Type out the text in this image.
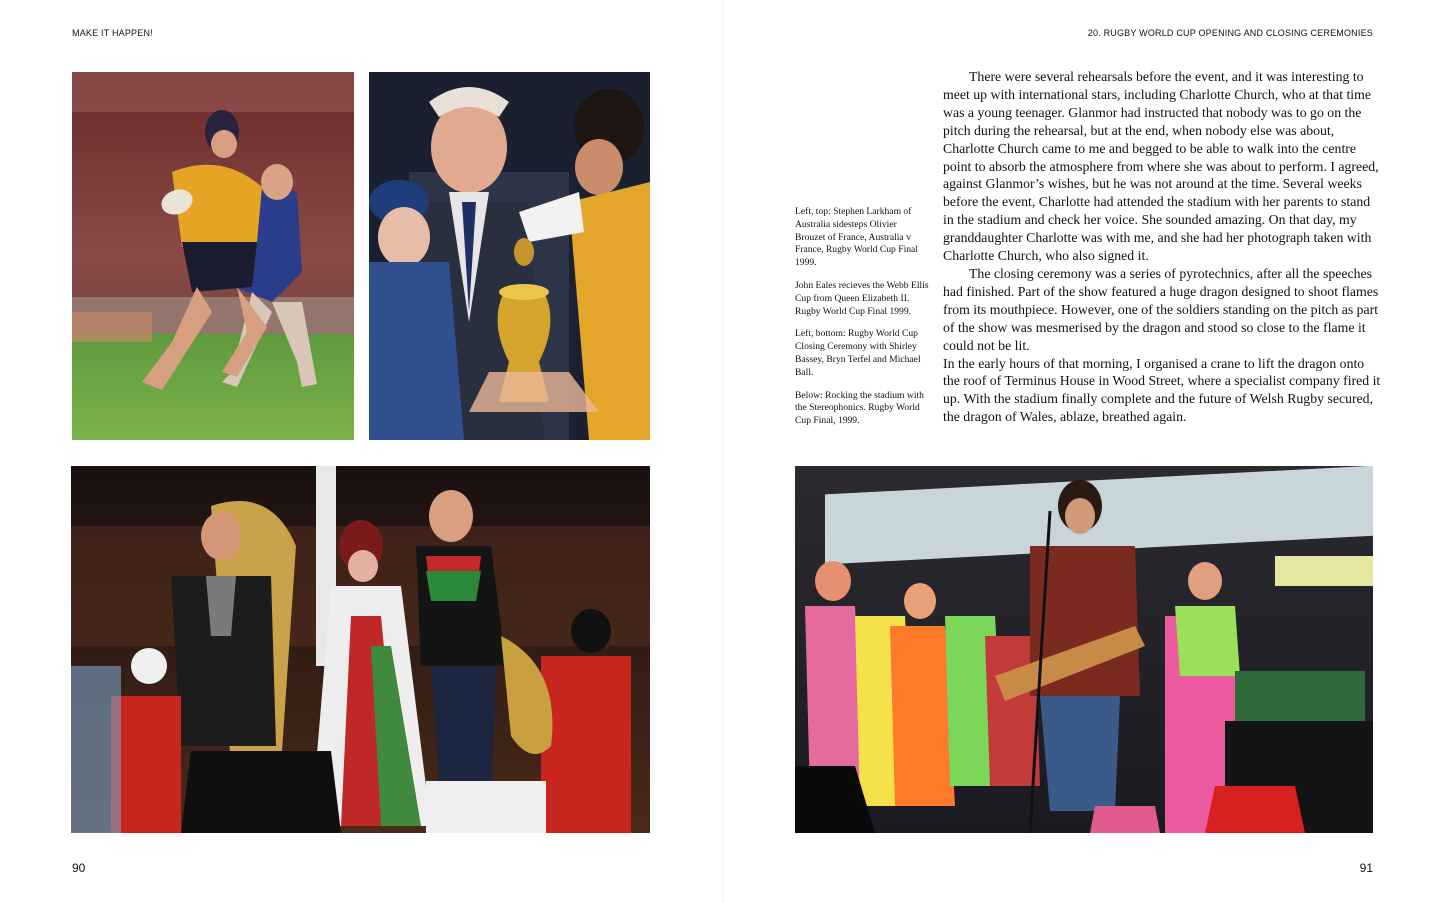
MAKE IT HAPPEN!
90
20. RUGBY WORLD CUP OPENING AND CLOSING CEREMONIES

Left, top: Stephen Larkham of Australia sidesteps Olivier Brouzet of France, Australia v France, Rugby World Cup Final 1999.

John Eales recieves the Webb Ellis Cup from Queen Elizabeth II. Rugby World Cup Final 1999.

Left, bottom: Rugby World Cup Closing Ceremony with Shirley Bassey, Bryn Terfel and Michael Ball.

Below: Rocking the stadium with the Stereophonics. Rugby World Cup Final, 1999.

There were several rehearsals before the event, and it was interesting to meet up with international stars, including Charlotte Church, who at that time was a young teenager. Glanmor had instructed that nobody was to go on the pitch during the rehearsal, but at the end, when nobody else was about, Charlotte Church came to me and begged to be able to walk into the centre point to absorb the atmosphere from where she was about to perform. I agreed, against Glanmor’s wishes, but he was not around at the time. Several weeks before the event, Charlotte had attended the stadium with her parents to stand in the stadium and check her voice. She sounded amazing. On that day, my granddaughter Charlotte was with me, and she had her photograph taken with Charlotte Church, who also signed it.

The closing ceremony was a series of pyrotechnics, after all the speeches had finished. Part of the show featured a huge dragon designed to shoot flames from its mouthpiece. However, one of the soldiers standing on the pitch as part of the show was mesmerised by the dragon and stood so close to the flame it could not be lit.

In the early hours of that morning, I organised a crane to lift the dragon onto the roof of Terminus House in Wood Street, where a specialist company fired it up. With the stadium finally complete and the future of Welsh Rugby secured, the dragon of Wales, ablaze, breathed again.

91
